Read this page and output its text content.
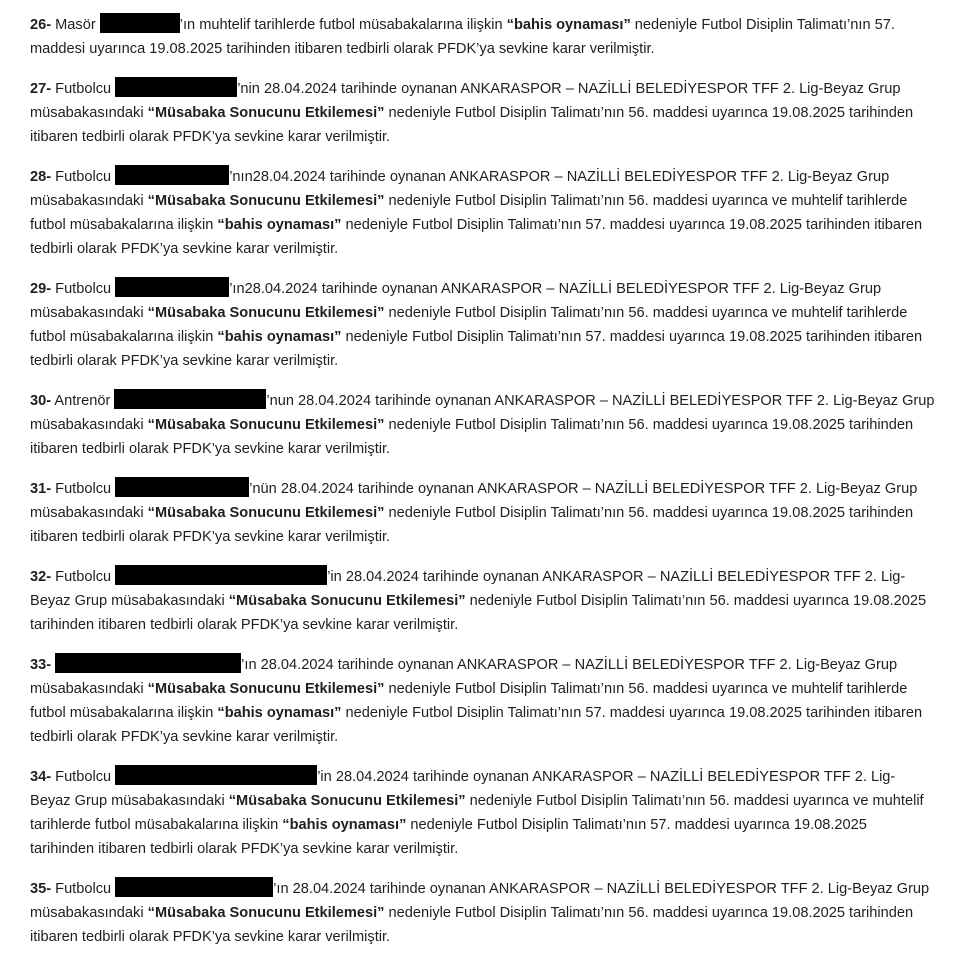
26- Masör	’ın muhtelif tarihlerde futbol müsabakalarına ilişkin “bahis oynaması” nedeniyle Futbol Disiplin Talimatı’nın 57. maddesi uyarınca 19.08.2025 tarihinden itibaren tedbirli olarak PFDK’ya sevkine karar verilmiştir.

27- Futbolcu	’nin 28.04.2024 tarihinde oynanan ANKARASPOR – NAZİLLİ BELEDİYESPOR TFF 2. Lig-Beyaz Grup müsabakasındaki “Müsabaka Sonucunu Etkilemesi” nedeniyle Futbol Disiplin Talimatı’nın 56. maddesi uyarınca 19.08.2025 tarihinden itibaren tedbirli olarak PFDK’ya sevkine karar verilmiştir.

28- Futbolcu	’nın28.04.2024 tarihinde oynanan ANKARASPOR – NAZİLLİ BELEDİYESPOR TFF 2. Lig-Beyaz Grup müsabakasındaki “Müsabaka Sonucunu Etkilemesi” nedeniyle Futbol Disiplin Talimatı’nın 56. maddesi uyarınca ve muhtelif tarihlerde futbol müsabakalarına ilişkin “bahis oynaması” nedeniyle Futbol Disiplin Talimatı’nın 57. maddesi uyarınca 19.08.2025 tarihinden itibaren tedbirli olarak PFDK’ya sevkine karar verilmiştir.

29- Futbolcu	’ın28.04.2024 tarihinde oynanan ANKARASPOR – NAZİLLİ BELEDİYESPOR TFF 2. Lig-Beyaz Grup müsabakasındaki “Müsabaka Sonucunu Etkilemesi” nedeniyle Futbol Disiplin Talimatı’nın 56. maddesi uyarınca ve muhtelif tarihlerde futbol müsabakalarına ilişkin “bahis oynaması” nedeniyle Futbol Disiplin Talimatı’nın 57. maddesi uyarınca 19.08.2025 tarihinden itibaren tedbirli olarak PFDK’ya sevkine karar verilmiştir.

30- Antrenör	’nun 28.04.2024 tarihinde oynanan ANKARASPOR – NAZİLLİ BELEDİYESPOR TFF 2. Lig-Beyaz Grup müsabakasındaki “Müsabaka Sonucunu Etkilemesi” nedeniyle Futbol Disiplin Talimatı’nın 56. maddesi uyarınca 19.08.2025 tarihinden itibaren tedbirli olarak PFDK’ya sevkine karar verilmiştir.

31- Futbolcu	’nün 28.04.2024 tarihinde oynanan ANKARASPOR – NAZİLLİ BELEDİYESPOR TFF 2. Lig-Beyaz Grup müsabakasındaki “Müsabaka Sonucunu Etkilemesi” nedeniyle Futbol Disiplin Talimatı’nın 56. maddesi uyarınca 19.08.2025 tarihinden itibaren tedbirli olarak PFDK’ya sevkine karar verilmiştir.

32- Futbolcu	’in 28.04.2024 tarihinde oynanan ANKARASPOR – NAZİLLİ BELEDİYESPOR TFF 2. Lig-Beyaz Grup müsabakasındaki “Müsabaka Sonucunu Etkilemesi” nedeniyle Futbol Disiplin Talimatı’nın 56. maddesi uyarınca 19.08.2025 tarihinden itibaren tedbirli olarak PFDK’ya sevkine karar verilmiştir.

33-	’ın 28.04.2024 tarihinde oynanan ANKARASPOR – NAZİLLİ BELEDİYESPOR TFF 2. Lig-Beyaz Grup müsabakasındaki “Müsabaka Sonucunu Etkilemesi” nedeniyle Futbol Disiplin Talimatı’nın 56. maddesi uyarınca ve muhtelif tarihlerde futbol müsabakalarına ilişkin “bahis oynaması” nedeniyle Futbol Disiplin Talimatı’nın 57. maddesi uyarınca 19.08.2025 tarihinden itibaren tedbirli olarak PFDK’ya sevkine karar verilmiştir.

34- Futbolcu	’in 28.04.2024 tarihinde oynanan ANKARASPOR – NAZİLLİ BELEDİYESPOR TFF 2. Lig-Beyaz Grup müsabakasındaki “Müsabaka Sonucunu Etkilemesi” nedeniyle Futbol Disiplin Talimatı’nın 56. maddesi uyarınca ve muhtelif tarihlerde futbol müsabakalarına ilişkin “bahis oynaması” nedeniyle Futbol Disiplin Talimatı’nın 57. maddesi uyarınca 19.08.2025 tarihinden itibaren tedbirli olarak PFDK’ya sevkine karar verilmiştir.

35- Futbolcu	’ın 28.04.2024 tarihinde oynanan ANKARASPOR – NAZİLLİ BELEDİYESPOR TFF 2. Lig-Beyaz Grup müsabakasındaki “Müsabaka Sonucunu Etkilemesi” nedeniyle Futbol Disiplin Talimatı’nın 56. maddesi uyarınca 19.08.2025 tarihinden itibaren tedbirli olarak PFDK’ya sevkine karar verilmiştir.
